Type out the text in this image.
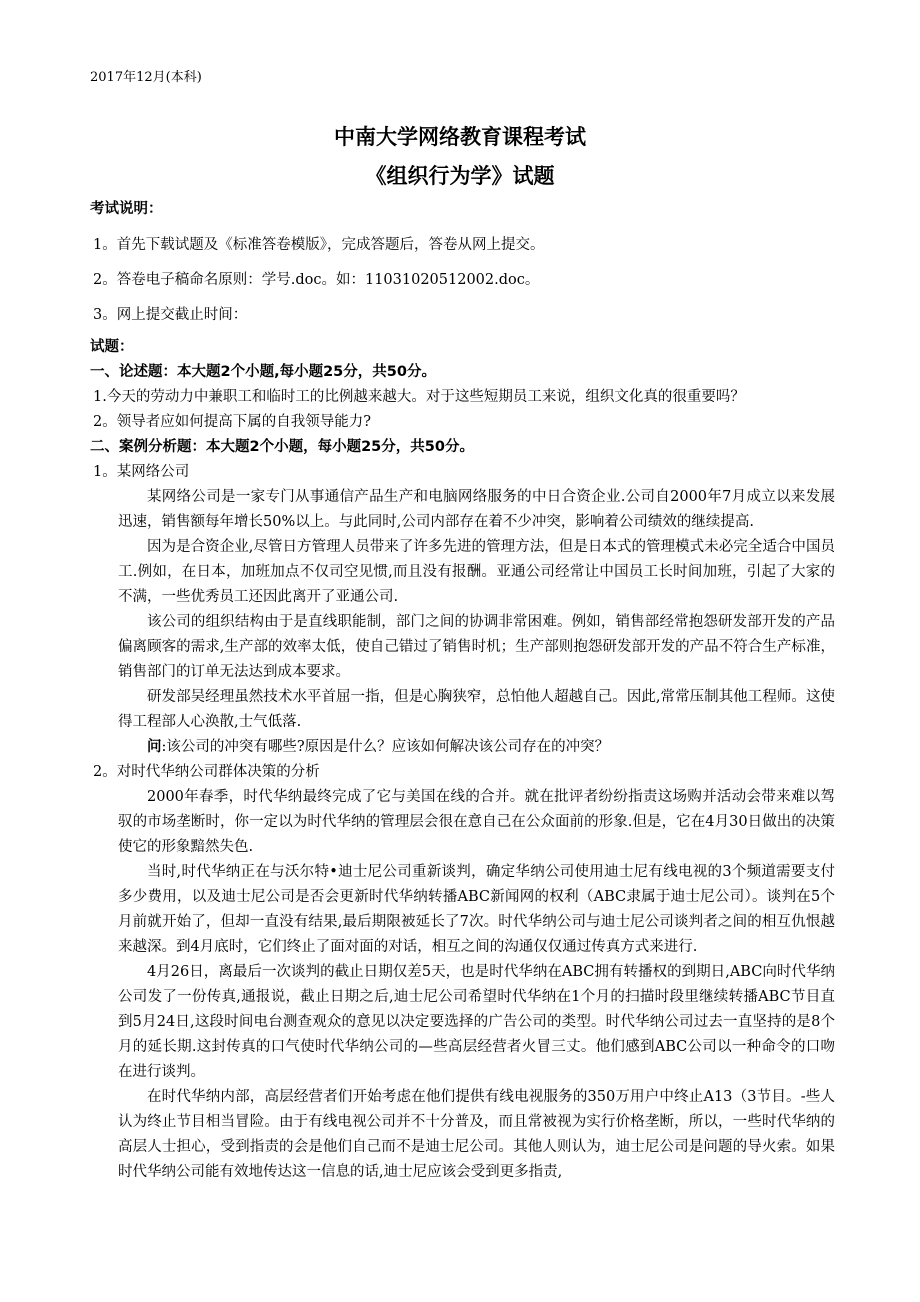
2017年12月(本科)
中南大学网络教育课程考试
《组织行为学》试题

考试说明：

1。首先下载试题及《标准答卷模版》，完成答题后，答卷从网上提交。

2。答卷电子稿命名原则：学号.doc。如：11031020512002.doc。

3。网上提交截止时间：

试题：

一、论述题：本大题2个小题,每小题25分，共50分。

1.今天的劳动力中兼职工和临时工的比例越来越大。对于这些短期员工来说，组织文化真的很重要吗？

2。领导者应如何提高下属的自我领导能力?

二、案例分析题：本大题2个小题，每小题25分，共50分。

1。某网络公司

某网络公司是一家专门从事通信产品生产和电脑网络服务的中日合资企业.公司自2000年7月成立以来发展迅速，销售额每年增长50%以上。与此同时,公司内部存在着不少冲突，影响着公司绩效的继续提高.

因为是合资企业,尽管日方管理人员带来了许多先进的管理方法，但是日本式的管理模式未必完全适合中国员工.例如，在日本，加班加点不仅司空见惯,而且没有报酬。亚通公司经常让中国员工长时间加班，引起了大家的不满，一些优秀员工还因此离开了亚通公司.

该公司的组织结构由于是直线职能制，部门之间的协调非常困难。例如，销售部经常抱怨研发部开发的产品偏离顾客的需求,生产部的效率太低，使自己错过了销售时机；生产部则抱怨研发部开发的产品不符合生产标准，销售部门的订单无法达到成本要求。

研发部吴经理虽然技术水平首屈一指，但是心胸狭窄，总怕他人超越自己。因此,常常压制其他工程师。这使得工程部人心涣散,士气低落.

问:该公司的冲突有哪些?原因是什么？应该如何解决该公司存在的冲突？

2。对时代华纳公司群体决策的分析

2000年春季，时代华纳最终完成了它与美国在线的合并。就在批评者纷纷指责这场购并活动会带来难以驾驭的市场垄断时，你一定以为时代华纳的管理层会很在意自己在公众面前的形象.但是，它在4月30日做出的决策使它的形象黯然失色.

当时,时代华纳正在与沃尔特•迪士尼公司重新谈判，确定华纳公司使用迪士尼有线电视的3个频道需要支付多少费用，以及迪士尼公司是否会更新时代华纳转播ABC新闻网的权利（ABC隶属于迪士尼公司）。谈判在5个月前就开始了，但却一直没有结果,最后期限被延长了7次。时代华纳公司与迪士尼公司谈判者之间的相互仇恨越来越深。到4月底时，它们终止了面对面的对话，相互之间的沟通仅仅通过传真方式来进行.

4月26日，离最后一次谈判的截止日期仅差5天，也是时代华纳在ABC拥有转播权的到期日,ABC向时代华纳公司发了一份传真,通报说，截止日期之后,迪士尼公司希望时代华纳在1个月的扫描时段里继续转播ABC节目直到5月24日,这段时间电台测查观众的意见以决定要选择的广告公司的类型。时代华纳公司过去一直坚持的是8个月的延长期.这封传真的口气使时代华纳公司的—些高层经营者火冒三丈。他们感到ABC公司以一种命令的口吻在进行谈判。

在时代华纳内部，高层经营者们开始考虑在他们提供有线电视服务的350万用户中终止A13（3节目。-些人认为终止节目相当冒险。由于有线电视公司并不十分普及，而且常被视为实行价格垄断，所以，一些时代华纳的高层人士担心，受到指责的会是他们自己而不是迪士尼公司。其他人则认为，迪士尼公司是问题的导火索。如果时代华纳公司能有效地传达这一信息的话,迪士尼应该会受到更多指责,
